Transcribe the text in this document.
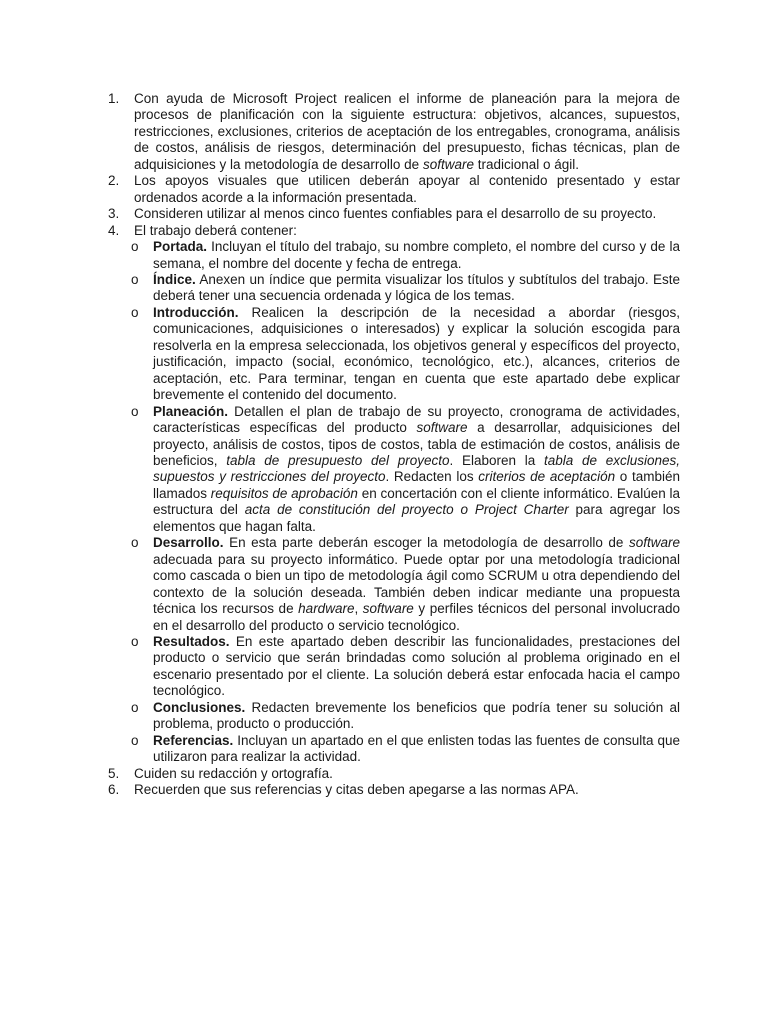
1.	Con ayuda de Microsoft Project realicen el informe de planeación para la mejora de procesos de planificación con la siguiente estructura: objetivos, alcances, supuestos, restricciones, exclusiones, criterios de aceptación de los entregables, cronograma, análisis de costos, análisis de riesgos, determinación del presupuesto, fichas técnicas, plan de adquisiciones y la metodología de desarrollo de software tradicional o ágil.
2.	Los apoyos visuales que utilicen deberán apoyar al contenido presentado y estar ordenados acorde a la información presentada.
3.	Consideren utilizar al menos cinco fuentes confiables para el desarrollo de su proyecto.
4.	El trabajo deberá contener:
o Portada. Incluyan el título del trabajo, su nombre completo, el nombre del curso y de la semana, el nombre del docente y fecha de entrega.
o Índice. Anexen un índice que permita visualizar los títulos y subtítulos del trabajo. Este deberá tener una secuencia ordenada y lógica de los temas.
o Introducción. Realicen la descripción de la necesidad a abordar (riesgos, comunicaciones, adquisiciones o interesados) y explicar la solución escogida para resolverla en la empresa seleccionada, los objetivos general y específicos del proyecto, justificación, impacto (social, económico, tecnológico, etc.), alcances, criterios de aceptación, etc. Para terminar, tengan en cuenta que este apartado debe explicar brevemente el contenido del documento.
o Planeación. Detallen el plan de trabajo de su proyecto, cronograma de actividades, características específicas del producto software a desarrollar, adquisiciones del proyecto, análisis de costos, tipos de costos, tabla de estimación de costos, análisis de beneficios, tabla de presupuesto del proyecto. Elaboren la tabla de exclusiones, supuestos y restricciones del proyecto. Redacten los criterios de aceptación o también llamados requisitos de aprobación en concertación con el cliente informático. Evalúen la estructura del acta de constitución del proyecto o Project Charter para agregar los elementos que hagan falta.
o Desarrollo. En esta parte deberán escoger la metodología de desarrollo de software adecuada para su proyecto informático. Puede optar por una metodología tradicional como cascada o bien un tipo de metodología ágil como SCRUM u otra dependiendo del contexto de la solución deseada. También deben indicar mediante una propuesta técnica los recursos de hardware, software y perfiles técnicos del personal involucrado en el desarrollo del producto o servicio tecnológico.
o Resultados. En este apartado deben describir las funcionalidades, prestaciones del producto o servicio que serán brindadas como solución al problema originado en el escenario presentado por el cliente. La solución deberá estar enfocada hacia el campo tecnológico.
o Conclusiones. Redacten brevemente los beneficios que podría tener su solución al problema, producto o producción.
o Referencias. Incluyan un apartado en el que enlisten todas las fuentes de consulta que utilizaron para realizar la actividad.
5.	Cuiden su redacción y ortografía.
6.	Recuerden que sus referencias y citas deben apegarse a las normas APA.
